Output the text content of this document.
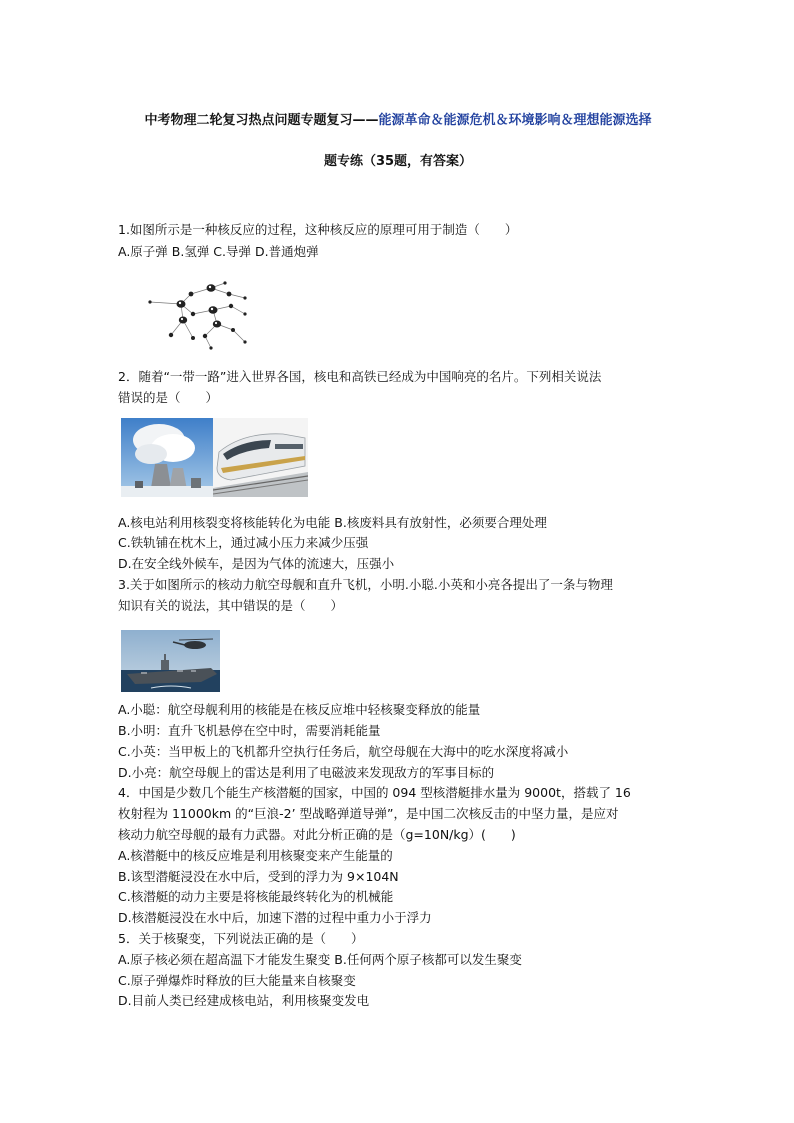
中考物理二轮复习热点问题专题复习——能源革命＆能源危机＆环境影响＆理想能源选择
题专练（35题，有答案）
1.如图所示是一种核反应的过程，这种核反应的原理可用于制造（　　）
A.原子弹 B.氢弹 C.导弹 D.普通炮弹
2．随着“一带一路”进入世界各国，核电和高铁已经成为中国响亮的名片。下列相关说法
错误的是（　　）
A.核电站利用核裂变将核能转化为电能 B.核废料具有放射性，必须要合理处理
C.铁轨铺在枕木上，通过减小压力来减少压强
D.在安全线外候车，是因为气体的流速大，压强小
3.关于如图所示的核动力航空母舰和直升飞机，小明.小聪.小英和小亮各提出了一条与物理
知识有关的说法，其中错误的是（　　）
A.小聪：航空母舰利用的核能是在核反应堆中轻核聚变释放的能量
B.小明：直升飞机悬停在空中时，需要消耗能量
C.小英：当甲板上的飞机都升空执行任务后，航空母舰在大海中的吃水深度将减小
D.小亮：航空母舰上的雷达是利用了电磁波来发现敌方的军事目标的
4．中国是少数几个能生产核潜艇的国家，中国的 094 型核潜艇排水量为 9000t，搭载了 16
枚射程为 11000km 的“巨浪-2’ 型战略弹道导弹”，是中国二次核反击的中坚力量，是应对
核动力航空母舰的最有力武器。对此分析正确的是（g=10N/kg）(　　)
A.核潜艇中的核反应堆是利用核聚变来产生能量的
B.该型潜艇浸没在水中后，受到的浮力为 9×104N
C.核潜艇的动力主要是将核能最终转化为的机械能
D.核潜艇浸没在水中后，加速下潜的过程中重力小于浮力
5．关于核聚变，下列说法正确的是（　　）
A.原子核必须在超高温下才能发生聚变 B.任何两个原子核都可以发生聚变
C.原子弹爆炸时释放的巨大能量来自核聚变
D.目前人类已经建成核电站，利用核聚变发电
